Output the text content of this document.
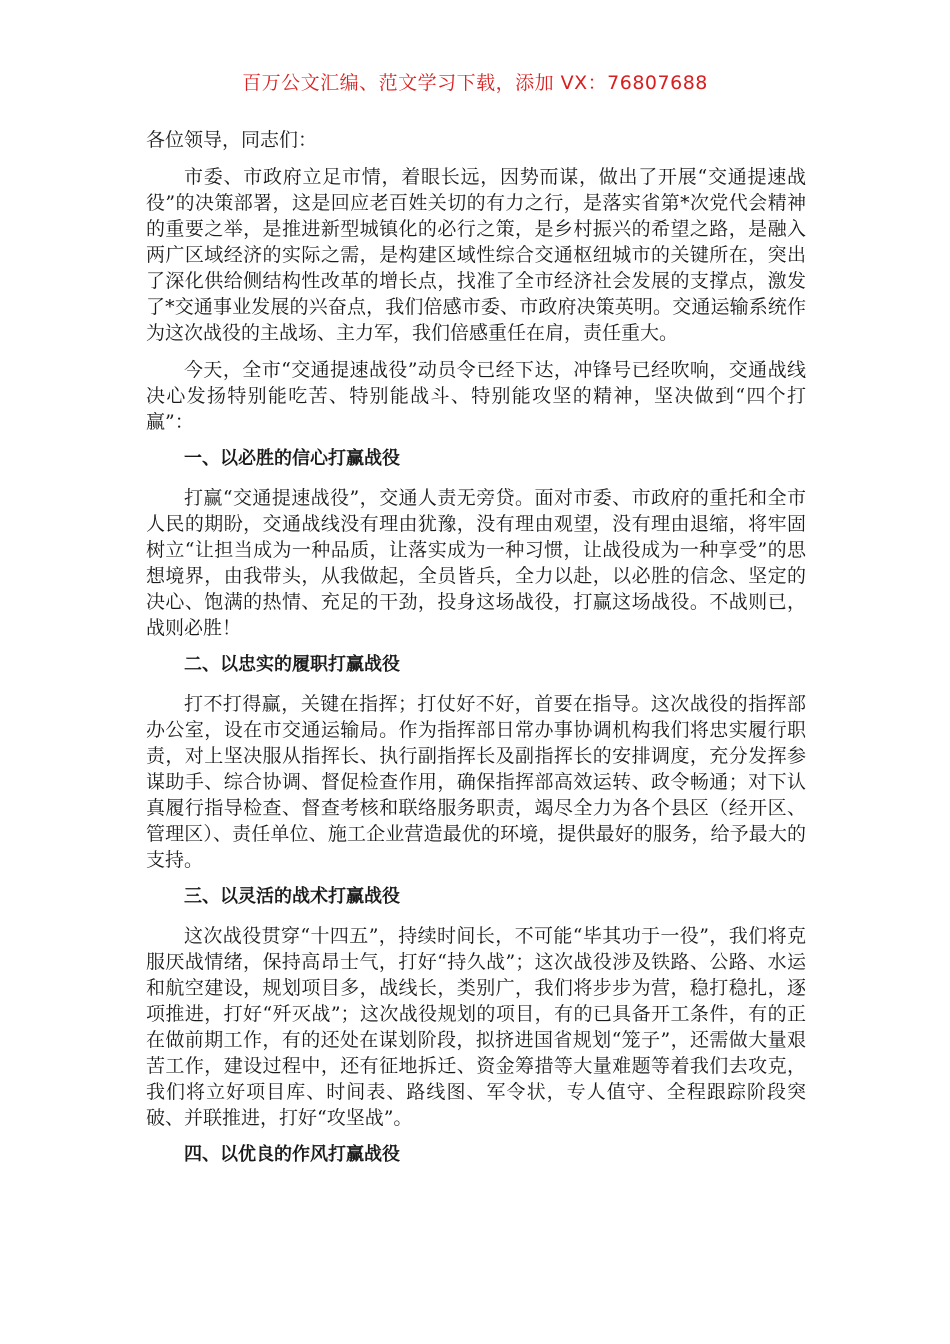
百万公文汇编、范文学习下载，添加 VX：76807688

各位领导，同志们：

市委、市政府立足市情，着眼长远，因势而谋，做出了开展“交通提速战役”的决策部署，这是回应老百姓关切的有力之行，是落实省第*次党代会精神的重要之举，是推进新型城镇化的必行之策，是乡村振兴的希望之路，是融入两广区域经济的实际之需，是构建区域性综合交通枢纽城市的关键所在，突出了深化供给侧结构性改革的增长点，找准了全市经济社会发展的支撑点，激发了*交通事业发展的兴奋点，我们倍感市委、市政府决策英明。交通运输系统作为这次战役的主战场、主力军，我们倍感重任在肩，责任重大。

今天，全市“交通提速战役”动员令已经下达，冲锋号已经吹响，交通战线决心发扬特别能吃苦、特别能战斗、特别能攻坚的精神，坚决做到“四个打赢”：

一、以必胜的信心打赢战役

打赢“交通提速战役”，交通人责无旁贷。面对市委、市政府的重托和全市人民的期盼，交通战线没有理由犹豫，没有理由观望，没有理由退缩，将牢固树立“让担当成为一种品质，让落实成为一种习惯，让战役成为一种享受”的思想境界，由我带头，从我做起，全员皆兵，全力以赴，以必胜的信念、坚定的决心、饱满的热情、充足的干劲，投身这场战役，打赢这场战役。不战则已，战则必胜！

二、以忠实的履职打赢战役

打不打得赢，关键在指挥；打仗好不好，首要在指导。这次战役的指挥部办公室，设在市交通运输局。作为指挥部日常办事协调机构我们将忠实履行职责，对上坚决服从指挥长、执行副指挥长及副指挥长的安排调度，充分发挥参谋助手、综合协调、督促检查作用，确保指挥部高效运转、政令畅通；对下认真履行指导检查、督查考核和联络服务职责，竭尽全力为各个县区（经开区、管理区）、责任单位、施工企业营造最优的环境，提供最好的服务，给予最大的支持。

三、以灵活的战术打赢战役

这次战役贯穿“十四五”，持续时间长，不可能“毕其功于一役”，我们将克服厌战情绪，保持高昂士气，打好“持久战”；这次战役涉及铁路、公路、水运和航空建设，规划项目多，战线长，类别广，我们将步步为营，稳打稳扎，逐项推进，打好“歼灭战”；这次战役规划的项目，有的已具备开工条件，有的正在做前期工作，有的还处在谋划阶段，拟挤进国省规划“笼子”，还需做大量艰苦工作，建设过程中，还有征地拆迁、资金筹措等大量难题等着我们去攻克，我们将立好项目库、时间表、路线图、军令状，专人值守、全程跟踪阶段突破、并联推进，打好“攻坚战”。

四、以优良的作风打赢战役
